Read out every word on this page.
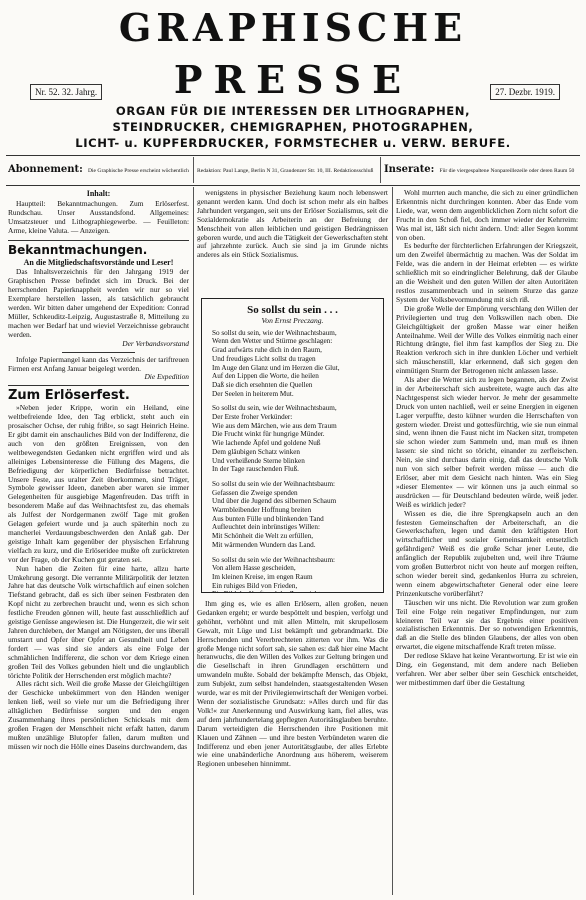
GRAPHISCHE
PRESSE
Nr. 52. 32. Jahrg.	27. Dezbr. 1919.
ORGAN FÜR DIE INTERESSEN DER LITHOGRAPHEN,
STEINDRUCKER, CHEMIGRAPHEN, PHOTOGRAPHEN,
LICHT- u. KUPFERDRUCKER, FORMSTECHER u. VERW. BERUFE.
Abonnement: Die Graphische Presse erscheint wöchentlich	Redaktion: Paul Lange, Berlin N 31, Graudenzer Str. 10, III. Redaktionsschluß	Inserate: Für die viergespaltene Nonpareillezeile oder deren Raum 50
Inhalt:

Hauptteil: Bekanntmachungen. Zum Erlöserfest. Rundschau. Unser Ausstandsfond. Allgemeines: Umsatzsteuer und Lithographiegewerbe. — Feuilleton: Arme, kleine Valuta. — Anzeigen.

Bekanntmachungen.
An die Mitgliedschaftsvorstände und Leser!

Das Inhaltsverzeichnis für den Jahrgang 1919 der Graphischen Presse befindet sich im Druck. Bei der herrschenden Papierknappheit werden wir nur so viel Exemplare herstellen lassen, als tatsächlich gebraucht werden. Wir bitten daher umgehend der Expedition: Conrad Müller, Schkeuditz-Leipzig, Augustastraße 8, Mitteilung zu machen wer Bedarf hat und wieviel Verzeichnisse gebraucht werden.

Der Verbandsvorstand

Infolge Papiermangel kann das Verzeichnis der tariftreuen Firmen erst Anfang Januar beigelegt werden.

Die Expedition
Zum Erlöserfest.

»Neben jeder Krippe, worin ein Heiland, eine weltbefreiende Idee, den Tag erblickt, steht auch ein prosaischer Ochse, der ruhig frißt«, so sagt Heinrich Heine. Er gibt damit ein anschauliches Bild von der Indifferenz, die auch von den größten Ereignissen, von den weltbewegendsten Gedanken nicht ergriffen wird und als alleiniges Lebensinteresse die Füllung des Magens, die Befriedigung der körperlichen Bedürfnisse betrachtet. Unsere Feste, aus uralter Zeit überkommen, sind Träger, Symbole gewisser Ideen, daneben aber waren sie immer Gelegenheiten für ausgiebige Magenfreuden. Das trifft in besonderem Maße auf das Weihnachtsfest zu, das ehemals als Julfest der Nordgermanen zwölf Tage mit großen Gelagen gefeiert wurde und ja auch späterhin noch zu mancherlei Verdauungsbeschwerden den Anlaß gab. Der geistige Inhalt kam gegenüber der physischen Erfahrung vielfach zu kurz, und die Erlöseridee mußte oft zurücktreten vor der Frage, ob der Kuchen gut geraten sei.

Nun haben die Zeiten für eine harte, allzu harte Umkehrung gesorgt. Die verrannte Militärpolitik der letzten Jahre hat das deutsche Volk wirtschaftlich auf einen solchen Tiefstand gebracht, daß es sich über seinen Festbraten den Kopf nicht zu zerbrechen braucht und, wenn es sich schon festliche Freuden gönnen will, heute fast ausschließlich auf geistige Genüsse angewiesen ist. Die Hungerzeit, die wir seit Jahren durchleben, der Mangel am Nötigsten, der uns überall umstarrt und Opfer über Opfer an Gesundheit und Leben fordert — was sind sie anders als eine Folge der schmählichen Indifferenz, die schon vor dem Kriege einen großen Teil des Volkes gebunden hielt und die unglaublich törichte Politik der Herrschenden erst möglich machte?

Alles rächt sich. Weil die große Masse der Gleichgültigen der Geschicke unbekümmert von den Händen weniger lenken ließ, weil so viele nur um die Befriedigung ihrer alltäglichen Bedürfnisse sorgten und den engen Zusammenhang ihres persönlichen Schicksals mit dem großen Fragen der Menschheit nicht erfaßt hatten, darum mußten unzählige Blutopfer fallen, darum mußten und müssen wir noch die Hölle eines Daseins durchwandern, das

wenigstens in physischer Beziehung kaum noch lebenswert genannt werden kann. Und doch ist schon mehr als ein halbes Jahrhundert vergangen, seit uns der Erlöser Sozialismus, seit die Sozialdemokratie als Arbeiterin an der Befreiung der Menschheit von allen leiblichen und geistigen Bedrängnissen geboren wurde, und auch die Tätigkeit der Gewerkschaften steht auf jahrzehnte zurück. Auch sie sind ja im Grunde nichts anderes als ein Stück Sozialismus.

So sollst du sein . . .
Von Ernst Preczang.
So sollst du sein, wie der Weihnachtsbaum,
Wenn den Wetter und Stürme geschlagen:
Grad aufwärts ruhe dich in den Raum,
Und freudiges Licht sollst du tragen
Im Auge den Glanz und im Herzen die Glut,
Auf den Lippen die Worte, die heilen
Daß sie dich ersehnten die Quellen
Der Seelen in heiterem Mut.
So sollst du sein, wie der Weihnachtsbaum,
Der Erste froher Verkünder:
Wie aus dem Märchen, wie aus dem Traum
Die Frucht winkt für hungrige Münder.
Wie lachende Äpfel und goldene Nuß
Dem gläubigen Schatz winken
Und verheißende Sterne blinken
In der Tage rauschenden Fluß.
So sollst du sein wie der Weihnachtsbaum:
Gefassen die Zweige spenden
Und über die Jugend des silbernen Schaum
Warmbleibender Hoffnung breiten
Aus bunten Fülle und blinkenden Tand
Aufleuchtet dein inbrünstiges Willen:
Mit Schönheit die Welt zu erfüllen,
Mit wärmenden Wundern das Land.
So sollst du sein wie der Weihnachtsbaum:
Von allem Hasse gescheiden,
Im kleinen Kreise, im engen Raum
Ein ruhiges Bild von Frieden,

Ihm ging es, wie es allen Erlösern, allen großen, neuen Gedanken ergeht; er wurde bespöttelt und bespien, verfolgt und gehöhnt, verhöhnt und mit allen Mitteln, mit skrupellosem Gewalt, mit Lüge und List bekämpft und gebrandmarkt. Die Herrschenden und Vererbrechteten zitterten vor ihm. Was die große Menge nicht sofort sah, sie sahen es: daß hier eine Macht heranwuchs, die den Willen des Volkes zur Geltung bringen und die Gesellschaft in ihren Grundlagen erschüttern und umwandeln mußte. Sobald der bekämpfte Mensch, das Objekt, zum Subjekt, zum selbst handelnden, staatsgestaltenden Wesen wurde, war es mit der Privilegienwirtschaft der Wenigen vorbei. Wenn der sozialistische Grundsatz: »Alles durch und für das Volk!« zur Anerkennung und Auswirkung kam, fiel alles, was auf dem jahrhundertelang gepflegten Autoritätsglauben beruhte. Darum verteidigten die Herrschenden ihre Positionen mit Klauen und Zähnen — und ihre besten Verbündeten waren die Indifferenz und eben jener Autoritätsglaube, der alles Erlebte wie eine unabänderliche Anordnung aus höherem, weiserem Regionen unbesehen hinnimmt.

Wohl murrten auch manche, die sich zu einer gründlichen Erkenntnis nicht durchringen konnten. Aber das Ende vom Liede, war, wenn dem augenblicklichen Zorn nicht sofort die Frucht in den Schoß fiel, doch immer wieder der Kehrreim: Was mal ist, läßt sich nicht ändern. Und: aller Segen kommt von oben.

Es bedurfte der fürchterlichen Erfahrungen der Kriegszeit, um den Zweifel übermächtig zu machen. Was der Soldat im Felde, was die andern in der Heimat erlebten — es wirkte schließlich mit so eindringlicher Belehrung, daß der Glaube an die Weisheit und den guten Willen der alten Autoritäten restlos zusammenbrach und in seinem Sturze das ganze System der Volksbevormundung mit sich riß.

Die große Welle der Empörung verschlang den Willen der Privilegierten und trug den Volkswillen nach oben. Die Gleichgültigkeit der großen Masse war einer heißen Anteilnahme. Weil der Wille des Volkes einmütig nach einer Richtung drängte, fiel ihm fast kampflos der Sieg zu. Die Reaktion verkroch sich in ihre dunklen Löcher und verhielt sich mäuschenstill, klar erkennend, daß sich gegen den einmütigen Sturm der Betrogenen nicht anlassen lasse.

Als aber die Wetter sich zu legen begannen, als der Zwist in der Arbeiterschaft sich ausbreitete, wagte auch das alte Nachtgespenst sich wieder hervor. Je mehr der gesammelte Druck von unten nachließ, weil er seine Energien in eigenen Lager verpuffte, desto kühner wurden die Herrschaften von gestern wieder. Dreist und gottesfürchtig, wie sie nun einmal sind, wenn ihnen die Faust nicht im Nacken sitzt, trompeten sie schon wieder zum Sammeln und, man muß es ihnen lassen: sie sind nicht so töricht, einander zu zerfleischen. Nein, sie sind durchaus darin einig, daß das deutsche Volk nun von sich selber befreit werden müsse — auch die Erlöser, aber mit dem Gesicht nach hinten. Was ein Sieg »dieser Elemente« — wir können uns ja auch einmal so ausdrücken — für Deutschland bedeuten würde, weiß jeder. Weiß es wirklich jeder?

Wissen es die, die ihre Sprengkapseln auch an den festesten Gemeinschaften der Arbeiterschaft, an die Gewerkschaften, legen und damit den kräftigsten Hort wirtschaftlicher und sozialer Gemeinsamkeit entsetzlich gefährdigen? Weiß es die große Schar jener Leute, die anfänglich der Republik zujubelten und, weil ihre Träume vom großen Butterbrot nicht von heute auf morgen reiften, schon wieder bereit sind, gedankenlos Hurra zu schreien, wenn einem abgewirtschafteter General oder eine leere Prinzenkutsche vorüberfährt?

Täuschen wir uns nicht. Die Revolution war zum großen Teil eine Folge rein negativer Empfindungen, nur zum kleineren Teil war sie das Ergebnis einer positiven sozialistischen Erkenntnis. Der so notwendigen Erkenntnis, daß an die Stelle des blinden Glaubens, der alles von oben erwartet, die eigene mitschaffende Kraft treten müsse.

Der redlose Sklave hat keine Verantwortung. Er ist wie ein Ding, ein Gegenstand, mit dem andere nach Belieben verfahren. Wer aber selber über sein Geschick entscheidet, wer mitbestimmen darf über die Gestaltung
